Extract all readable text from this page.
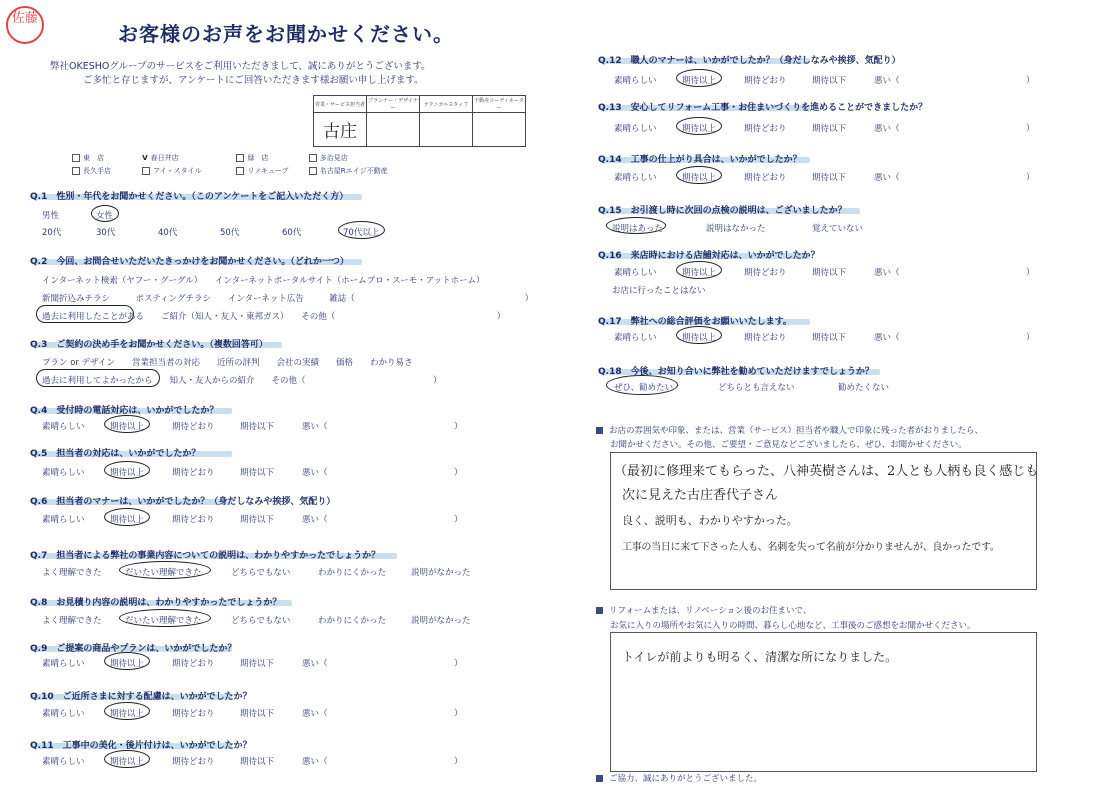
佐藤
お客様のお声をお聞かせください。
弊社OKESHOグループのサービスをご利用いただきまして、誠にありがとうございます。
ご多忙と存じますが、アンケートにご回答いただきます様お願い申し上げます。
営業・サービス担当者	プランナー・デザイナー	テクニカルスタッフ	不動産コーディネーター
古庄			
東　店	V 春日井店	緑　店	多治見店
長久手店	アイ・スタイル	リノキューブ	名古屋Rエイジ不動産
Q.1　性別・年代をお聞かせください。（このアンケートをご記入いただく方）
男性	女性
20代	30代	40代	50代	60代	70代以上
Q.2　今回、お問合せいただいたきっかけをお聞かせください。（どれか一つ）
インターネット検索（ヤフー・グーグル）　　インターネットポータルサイト（ホームプロ・スーモ・アットホーム）
新聞折込みチラシ　　　ポスティングチラシ　　インターネット広告　　　雑誌（　　　　　　　　　　　　　　　　　　　　）
過去に利用したことがある　　ご紹介（知人・友人・東邦ガス）　　その他（　　　　　　　　　　　　　　　　　　　）
Q.3　ご契約の決め手をお聞かせください。（複数回答可）
プラン or デザイン　　営業担当者の対応　　近所の評判　　会社の実績　　価格　　わかり易さ
過去に利用してよかったから　　知人・友人からの紹介　　その他（　　　　　　　　　　　　　　　）
Q.4　受付時の電話対応は、いかがでしたか？
素晴らしい	期待以上	期待どおり	期待以下	悪い（	）
Q.5　担当者の対応は、いかがでしたか？
素晴らしい	期待以上	期待どおり	期待以下	悪い（	）
Q.6　担当者のマナーは、いかがでしたか？（身だしなみや挨拶、気配り）
素晴らしい	期待以上	期待どおり	期待以下	悪い（	）
Q.9　ご提案の商品やプランは、いかがでしたか？
素晴らしい	期待以上	期待どおり	期待以下	悪い（	）
Q.10　ご近所さまに対する配慮は、いかがでしたか？
素晴らしい	期待以上	期待どおり	期待以下	悪い（	）
Q.11　工事中の美化・後片付けは、いかがでしたか？
素晴らしい	期待以上	期待どおり	期待以下	悪い（	）
Q.7　担当者による弊社の事業内容についての説明は、わかりやすかったでしょうか？
よく理解できた	だいたい理解できた	どちらでもない	わかりにくかった	説明がなかった
Q.8　お見積り内容の説明は、わかりやすかったでしょうか？
よく理解できた	だいたい理解できた	どちらでもない	わかりにくかった	説明がなかった
Q.12　職人のマナーは、いかがでしたか？（身だしなみや挨拶、気配り）
素晴らしい	期待以上	期待どおり	期待以下	悪い（	）
Q.13　安心してリフォーム工事・お住まいづくりを進めることができましたか？
素晴らしい	期待以上	期待どおり	期待以下	悪い（	）
Q.14　工事の仕上がり具合は、いかがでしたか？
素晴らしい	期待以上	期待どおり	期待以下	悪い（	）
Q.16　来店時における店舗対応は、いかがでしたか？
素晴らしい	期待以上	期待どおり	期待以下	悪い（	）
Q.17　弊社への総合評価をお願いいたします。
素晴らしい	期待以上	期待どおり	期待以下	悪い（	）
Q.15　お引渡し時に次回の点検の説明は、ございましたか？
説明はあった	説明はなかった	覚えていない
お店に行ったことはない
Q.18　今後、お知り合いに弊社を勧めていただけますでしょうか？
ぜひ、勧めたい	どちらとも言えない	勧めたくない
お店の雰囲気や印象、または、営業（サービス）担当者や職人で印象に残った者がおりましたら、
お聞かせください。その他、ご要望・ご意見などございましたら、ぜひ、お聞かせください。
（最初に修理来てもらった、八神英樹さんは、2人とも人柄も良く感じも
次に見えた古庄香代子さん
良く、説明も、わかりやすかった。
工事の当日に来て下さった人も、名刺を失って名前が分かりませんが、良かったです。
リフォームまたは、リノベーション後のお住まいで、
お気に入りの場所やお気に入りの時間、暮らし心地など、工事後のご感想をお聞かせください。
トイレが前よりも明るく、清潔な所になりました。
ご協力、誠にありがとうございました。
